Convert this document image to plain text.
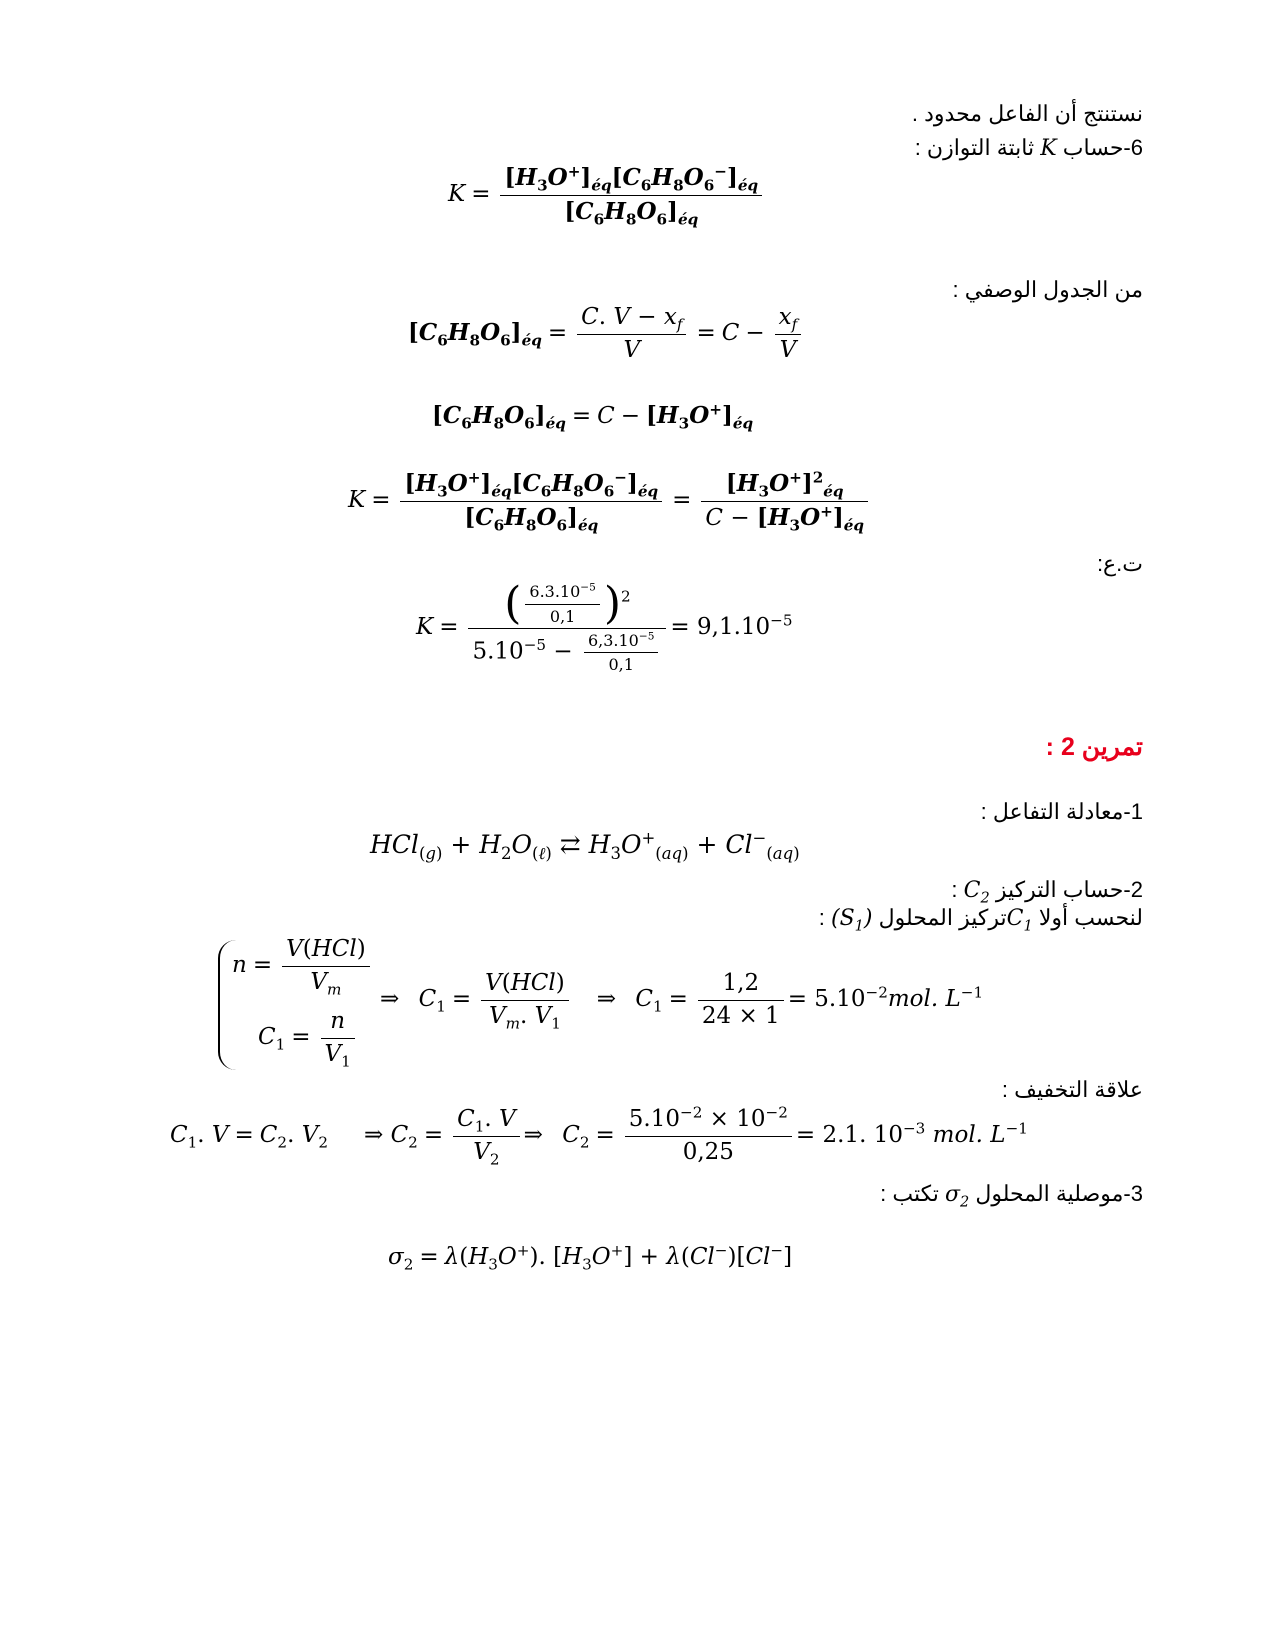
نستنتج أن الفاعل محدود .
6-حساب K ثابتة التوازن :
$K = \frac{[H_3O^+]_{éq}[C_6H_8O_6^-]_{éq}}{[C_6H_8O_6]_{éq}}$
من الجدول الوصفي :
$[C_6H_8O_6]_{éq} = \frac{C. V - x_f}{V} = C - \frac{x_f}{V}$
$[C_6H_8O_6]_{éq} = C - [H_3O^+]_{éq}$
$K = \frac{[H_3O^+]_{éq}[C_6H_8O_6^-]_{éq}}{[C_6H_8O_6]_{éq}} = \frac{[H_3O^+]^2_{éq}}{C - [H_3O^+]_{éq}}$
ت.ع:
$K = \frac{( \frac{6.3.10^{-5}}{0,1} )^2}{5.10^{-5} - \frac{6,3.10^{-5}}{0,1}} = 9,1.10^{-5}$
تمرين 2 :
1-معادلة التفاعل :
$HCl_{(g)} + H_2O_{(\ell)}$ ⇄ $H_3O^+_{(aq)} + Cl^-_{(aq)}$
2-حساب التركيز $C_2$ :
لنحسب أولا $C_1تركيز$ المحلول $(S_1)$ :
$n = \frac{\text{V(HCl)}}{V_m}$
$C_1 = \frac{n}{V_1}$
⇒ $C_1 = \frac{\text{V(HCl)}}{V_m. V_1}$ ⇒ $C_1 = \frac{1,2}{24 \times 1} = 5.10^{-2}mol$. $L^{-1}$
علاقة التخفيف :
$C_1$. $V = C_2$. $V_2$ ⇒ $C_2 = \frac{C_1. V}{V_2}$ ⇒ $C_2 = \frac{5.10^{-2} \times 10^{-2}}{0,25} = 2.1$. $10^{-3}$ mol. $L^{-1}$
3-موصلية المحلول $\sigma_2$ تكتب :
$\sigma_2 = \lambda(H_3O^+)$. $[H_3O^+] + \lambda(Cl^-)[Cl^-]$
